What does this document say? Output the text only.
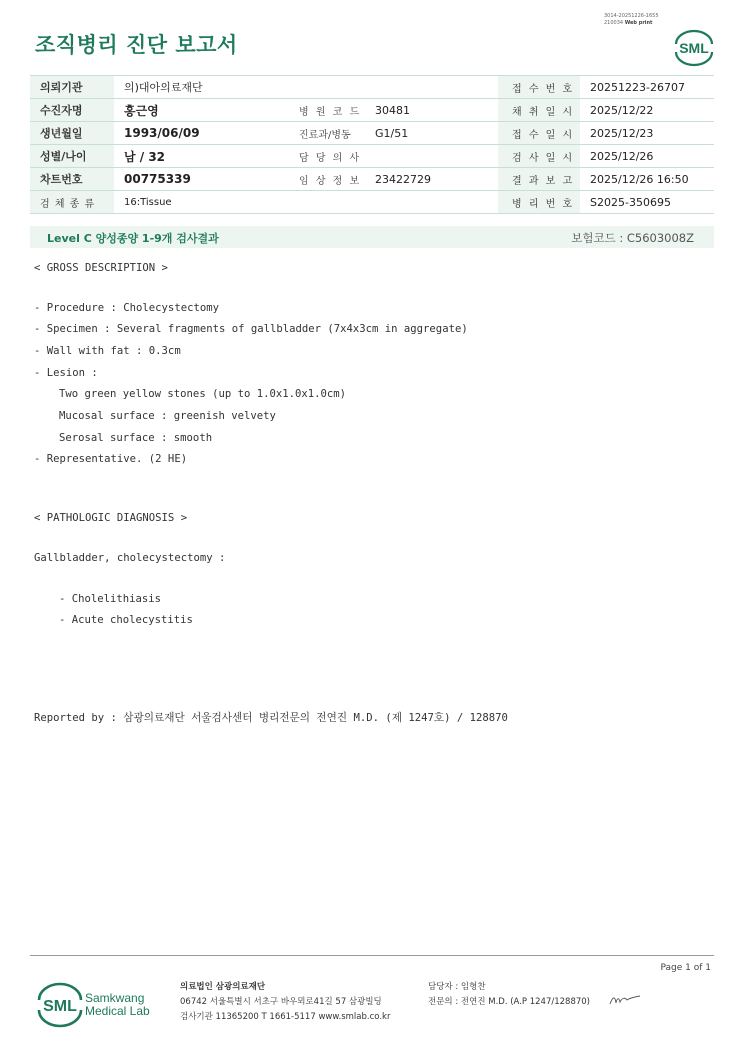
3014-20251226-1655
210034 Web print
조직병리 진단 보고서	SML
의뢰기관	의)대아의료재단			접 수 번 호	20251223-26707
수진자명	홍근영	병 원 코 드	30481	채 취 일 시	2025/12/22
생년월일	1993/06/09	진료과/병동	G1/51	접 수 일 시	2025/12/23
성별/나이	남 / 32	담 당 의 사		검 사 일 시	2025/12/26
차트번호	00775339	임 상 정 보	23422729	결 과 보 고	2025/12/26 16:50
검 체 종 류	16:Tissue			병 리 번 호	S2025-350695
Level C 양성종양 1-9개 검사결과	보험코드 : C5603008Z
< GROSS DESCRIPTION >
- Procedure : Cholecystectomy
- Specimen : Several fragments of gallbladder (7x4x3cm in aggregate)
- Wall with fat : 0.3cm
- Lesion :
Two green yellow stones (up to 1.0x1.0x1.0cm)
Mucosal surface : greenish velvety
Serosal surface : smooth
- Representative. (2 HE)
< PATHOLOGIC DIAGNOSIS >
Gallbladder, cholecystectomy :
- Cholelithiasis
- Acute cholecystitis
Reported by : 삼광의료재단 서울검사센터 병리전문의 전연진 M.D. (제 1247호) / 128870
Page 1 of 1
SML Samkwang
Medical Lab
의료법인 삼광의료재단
06742 서울특별시 서초구 바우뫼로41길 57 삼광빌딩
검사기관 11365200 T 1661-5117 www.smlab.co.kr
담당자 : 임형찬
전문의 : 전연진 M.D. (A.P 1247/128870)
